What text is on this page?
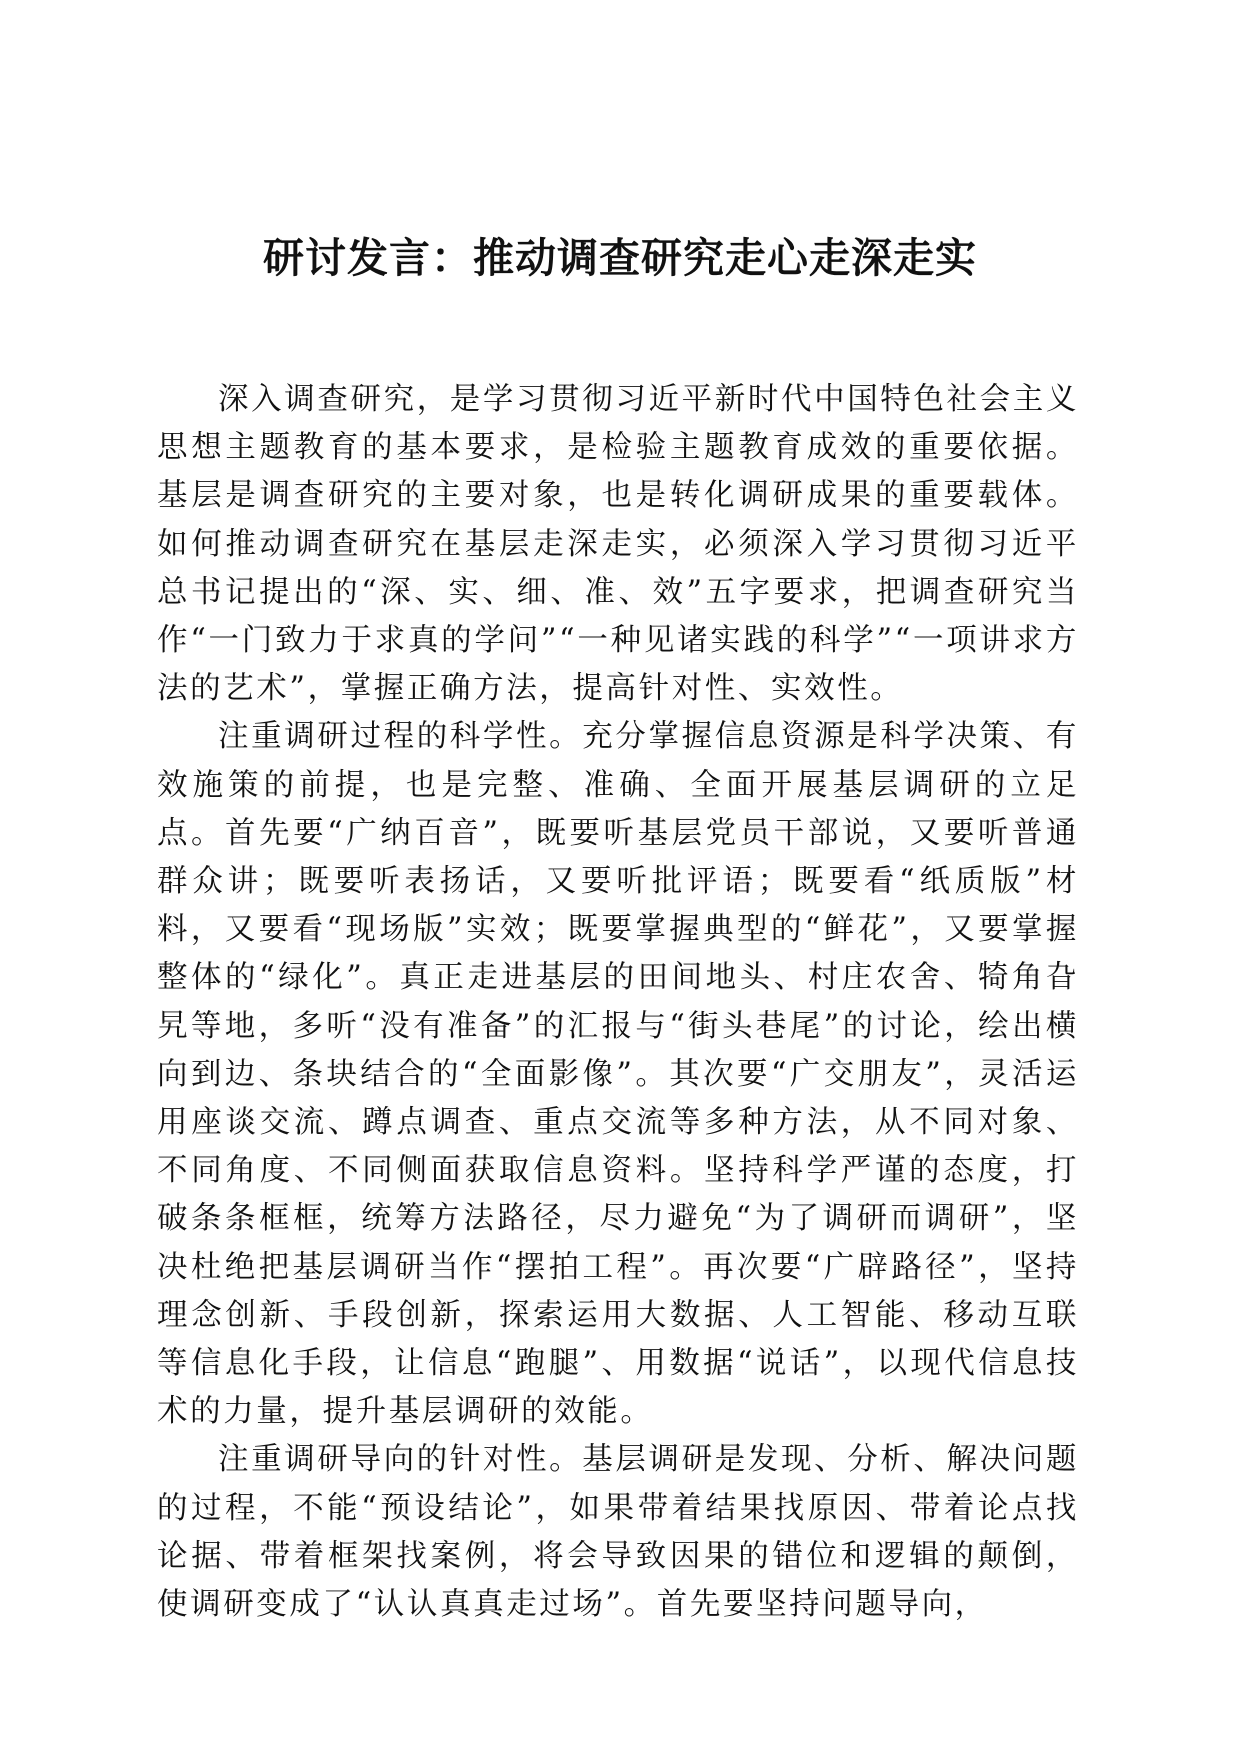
研讨发言：推动调查研究走心走深走实

深入调查研究，是学习贯彻习近平新时代中国特色社会主义思想主题教育的基本要求，是检验主题教育成效的重要依据。基层是调查研究的主要对象，也是转化调研成果的重要载体。如何推动调查研究在基层走深走实，必须深入学习贯彻习近平总书记提出的“深、实、细、准、效”五字要求，把调查研究当作“一门致力于求真的学问”“一种见诸实践的科学”“一项讲求方法的艺术”，掌握正确方法，提高针对性、实效性。

注重调研过程的科学性。充分掌握信息资源是科学决策、有效施策的前提，也是完整、准确、全面开展基层调研的立足点。首先要“广纳百音”，既要听基层党员干部说，又要听普通群众讲；既要听表扬话，又要听批评语；既要看“纸质版”材料，又要看“现场版”实效；既要掌握典型的“鲜花”，又要掌握整体的“绿化”。真正走进基层的田间地头、村庄农舍、犄角旮旯等地，多听“没有准备”的汇报与“街头巷尾”的讨论，绘出横向到边、条块结合的“全面影像”。其次要“广交朋友”，灵活运用座谈交流、蹲点调查、重点交流等多种方法，从不同对象、不同角度、不同侧面获取信息资料。坚持科学严谨的态度，打破条条框框，统筹方法路径，尽力避免“为了调研而调研”，坚决杜绝把基层调研当作“摆拍工程”。再次要“广辟路径”，坚持理念创新、手段创新，探索运用大数据、人工智能、移动互联等信息化手段，让信息“跑腿”、用数据“说话”，以现代信息技术的力量，提升基层调研的效能。

注重调研导向的针对性。基层调研是发现、分析、解决问题的过程，不能“预设结论”，如果带着结果找原因、带着论点找论据、带着框架找案例，将会导致因果的错位和逻辑的颠倒，使调研变成了“认认真真走过场”。首先要坚持问题导向，
